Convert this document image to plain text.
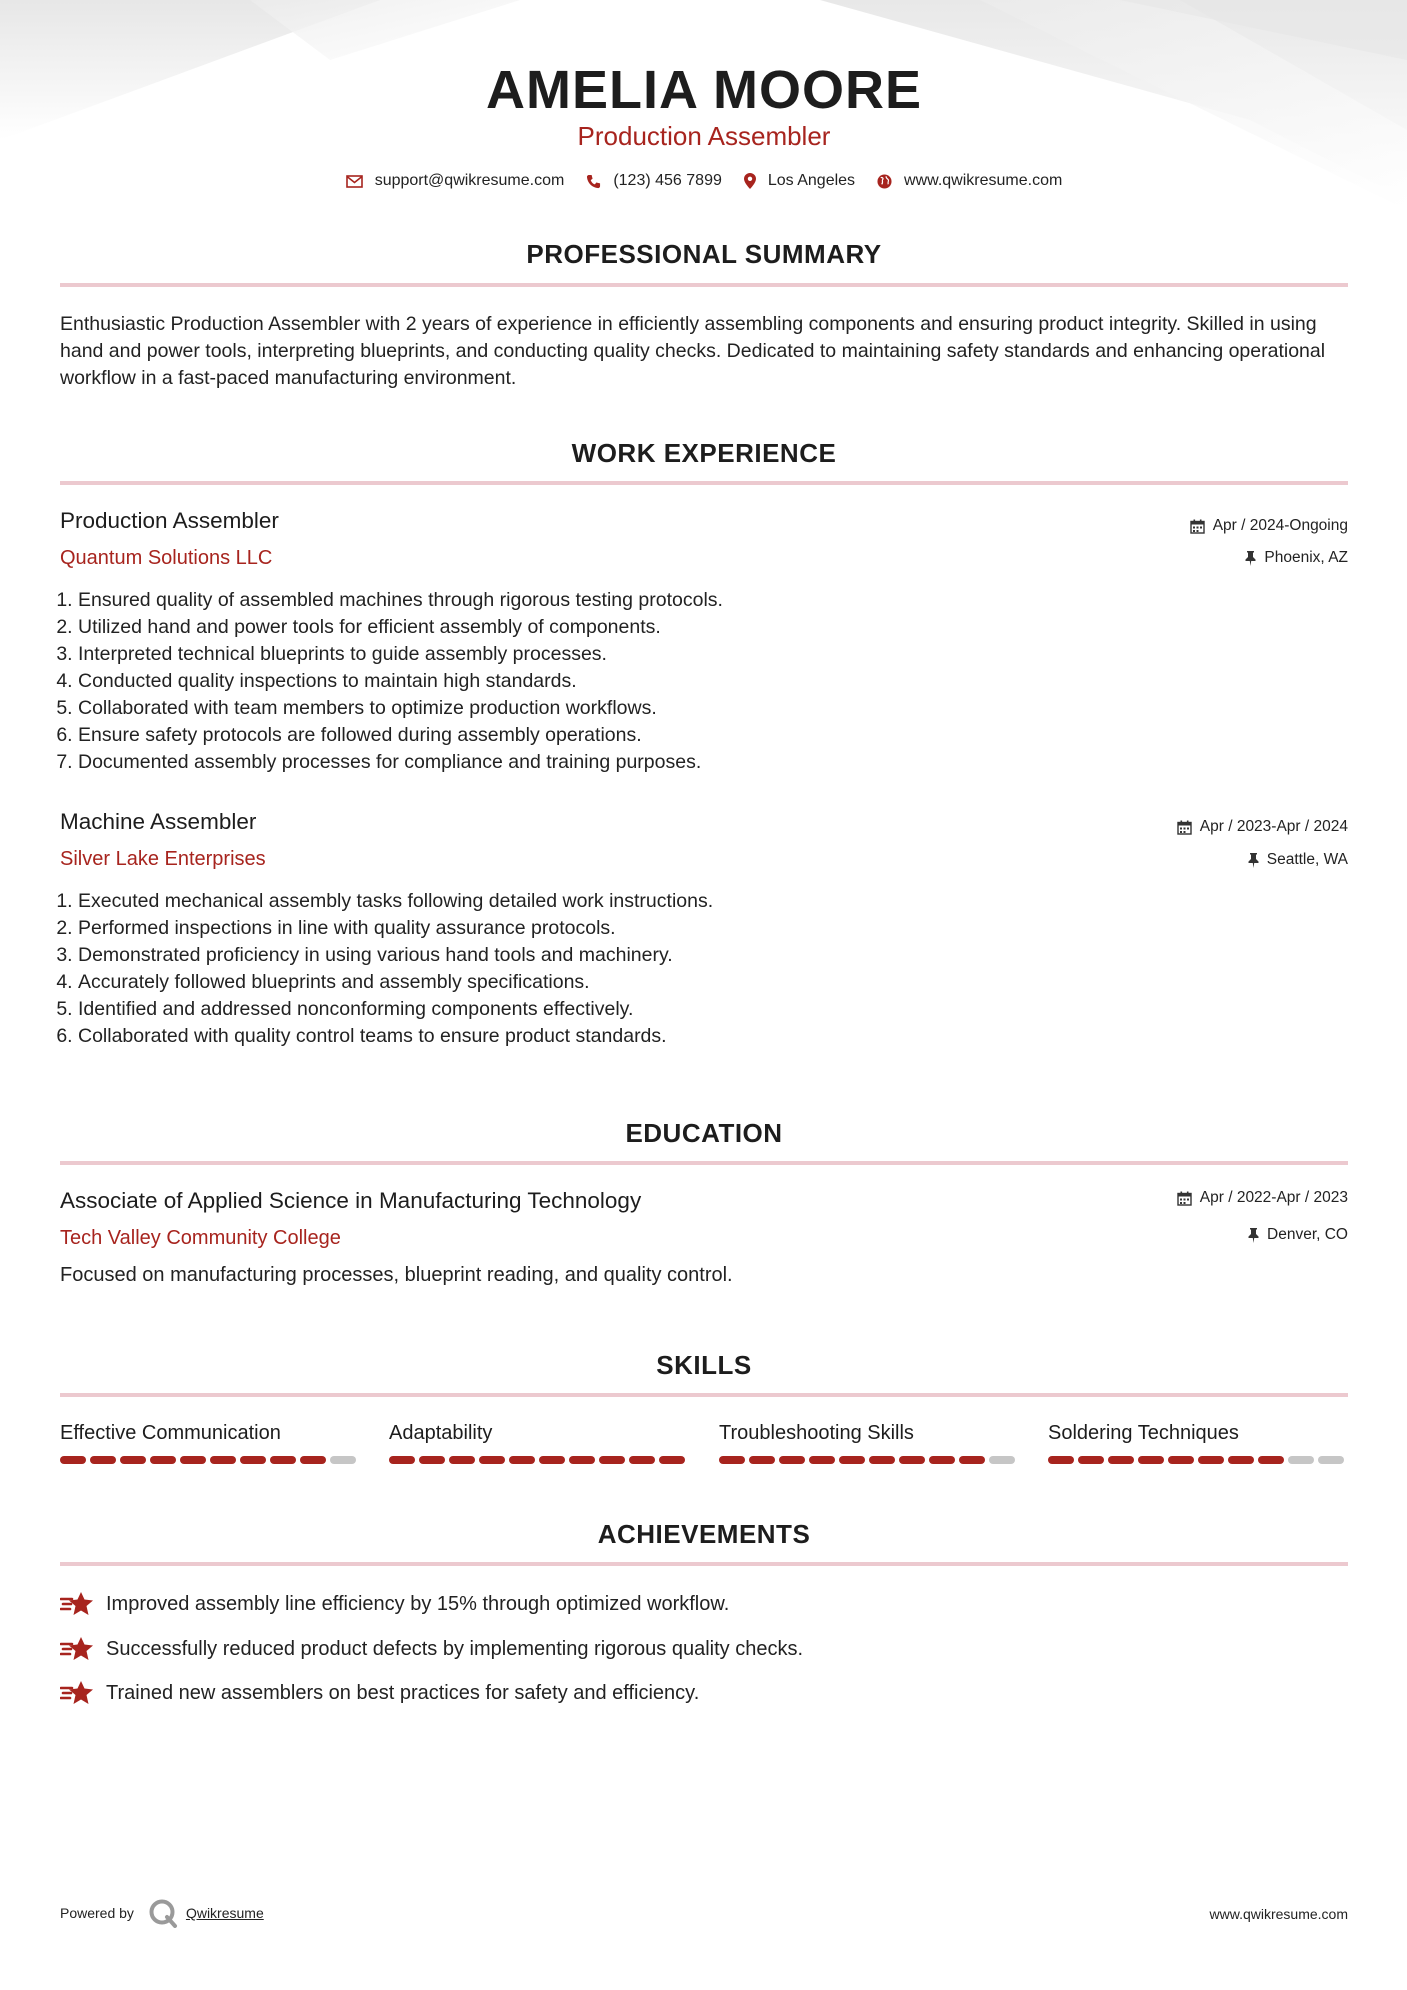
AMELIA MOORE
Production Assembler
support@qwikresume.com	(123) 456 7899	Los Angeles	www.qwikresume.com
PROFESSIONAL SUMMARY

Enthusiastic Production Assembler with 2 years of experience in efficiently assembling components and ensuring product integrity. Skilled in using hand and power tools, interpreting blueprints, and conducting quality checks. Dedicated to maintaining safety standards and enhancing operational workflow in a fast-paced manufacturing environment.

WORK EXPERIENCE
Production Assembler
Quantum Solutions LLC
Apr / 2024-Ongoing
Phoenix, AZ
1. Ensured quality of assembled machines through rigorous testing protocols.
2. Utilized hand and power tools for efficient assembly of components.
3. Interpreted technical blueprints to guide assembly processes.
4. Conducted quality inspections to maintain high standards.
5. Collaborated with team members to optimize production workflows.
6. Ensure safety protocols are followed during assembly operations.
7. Documented assembly processes for compliance and training purposes.
Machine Assembler
Silver Lake Enterprises
Apr / 2023-Apr / 2024
Seattle, WA
1. Executed mechanical assembly tasks following detailed work instructions.
2. Performed inspections in line with quality assurance protocols.
3. Demonstrated proficiency in using various hand tools and machinery.
4. Accurately followed blueprints and assembly specifications.
5. Identified and addressed nonconforming components effectively.
6. Collaborated with quality control teams to ensure product standards.
EDUCATION
Associate of Applied Science in Manufacturing Technology
Tech Valley Community College
Apr / 2022-Apr / 2023
Denver, CO

Focused on manufacturing processes, blueprint reading, and quality control.

SKILLS
Effective Communication	Adaptability	Troubleshooting Skills	Soldering Techniques
ACHIEVEMENTS
Improved assembly line efficiency by 15% through optimized workflow.
Successfully reduced product defects by implementing rigorous quality checks.
Trained new assemblers on best practices for safety and efficiency.
Powered by	Qwikresume	www.qwikresume.com
